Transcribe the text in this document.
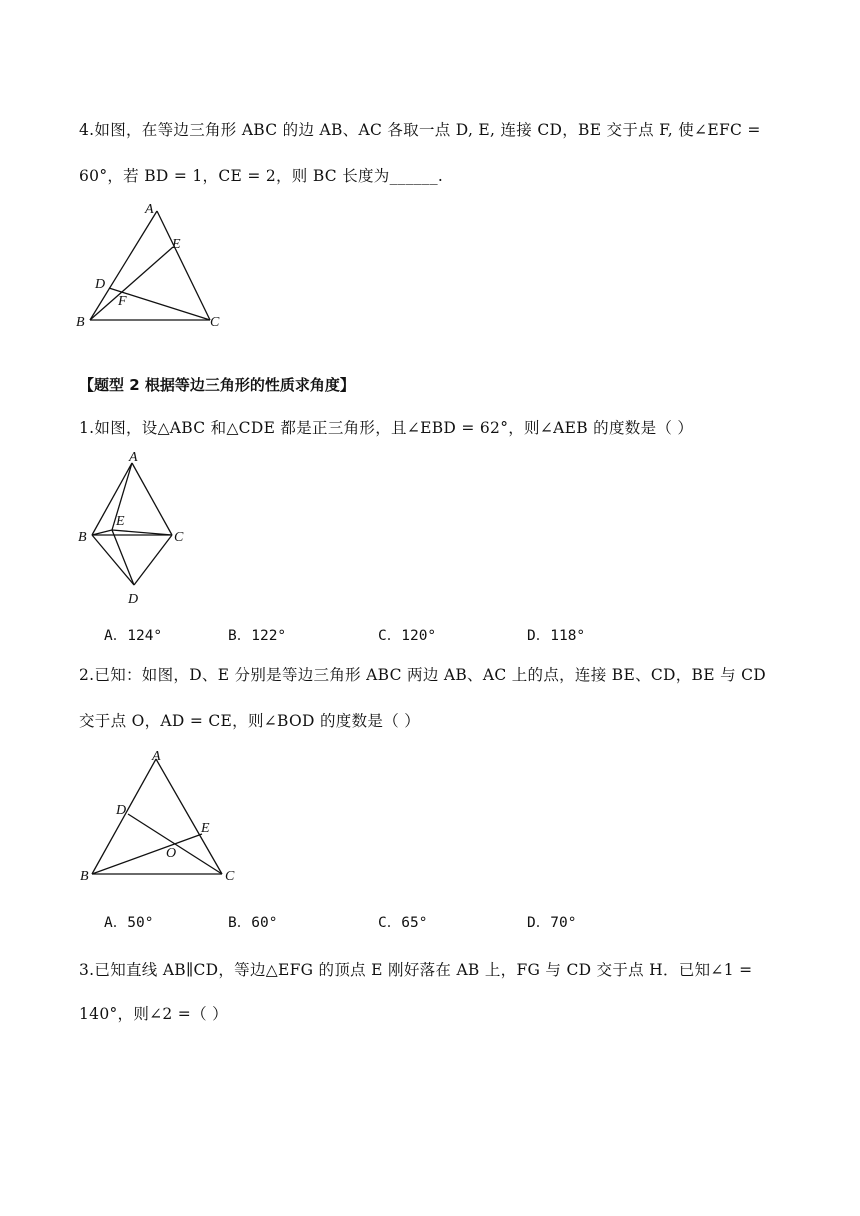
4.如图，在等边三角形 ABC 的边 AB、AC 各取一点 D, E, 连接 CD，BE 交于点 F, 使∠EFC =
60°，若 BD = 1，CE = 2，则 BC 长度为______.
A
E
D
F
B	C
【题型 2 根据等边三角形的性质求角度】
1.如图，设△ABC 和△CDE 都是正三角形，且∠EBD = 62°，则∠AEB 的度数是（ ）
A
E
B	C
D
A．124°	B．122°	C．120°	D．118°
2.已知：如图，D、E 分别是等边三角形 ABC 两边 AB、AC 上的点，连接 BE、CD，BE 与 CD
交于点 O，AD = CE，则∠BOD 的度数是（ ）
A
D
E
O
B	C
A．50°	B．60°	C．65°	D．70°
3.已知直线 AB∥CD，等边△EFG 的顶点 E 刚好落在 AB 上，FG 与 CD 交于点 H．已知∠1 =
140°，则∠2 =（ ）
